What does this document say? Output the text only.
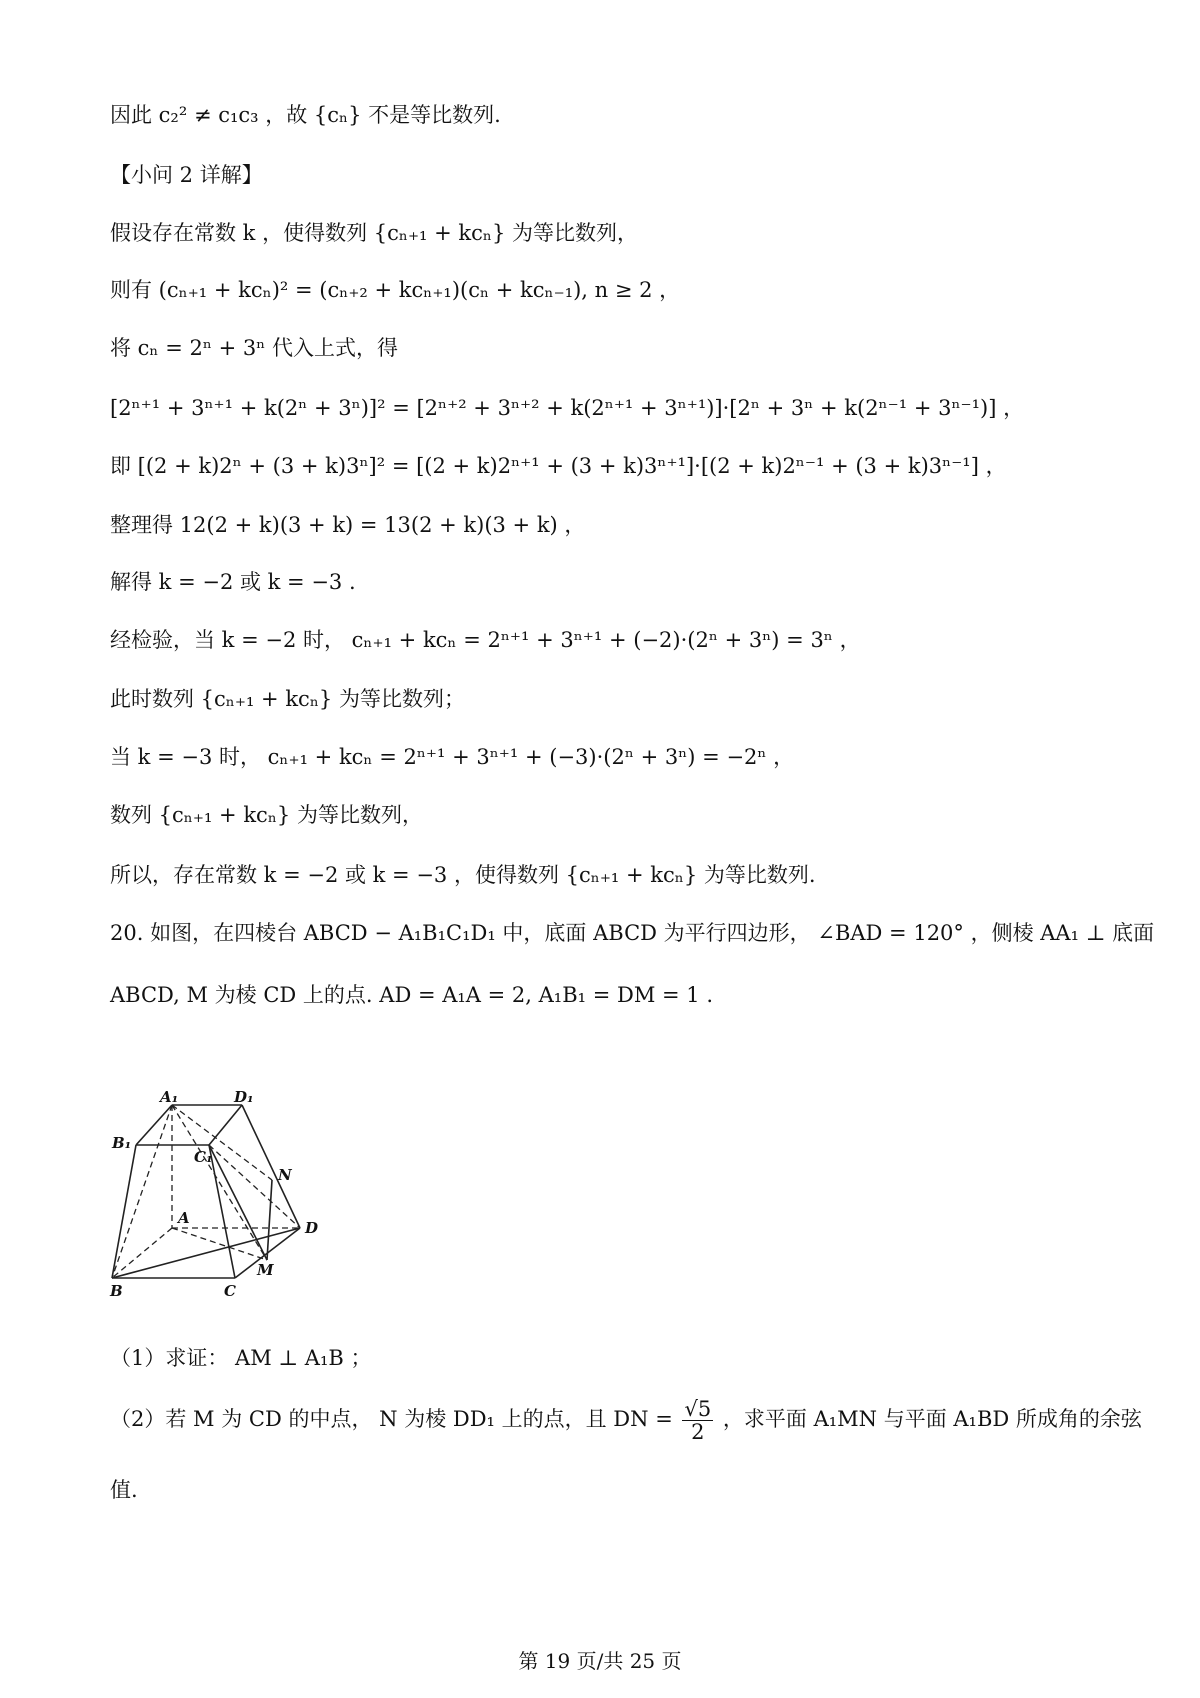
因此 c₂² ≠ c₁c₃ ，故 {cₙ} 不是等比数列.
【小问 2 详解】
假设存在常数 k ，使得数列 {cₙ₊₁ + kcₙ} 为等比数列，
则有 (cₙ₊₁ + kcₙ)² = (cₙ₊₂ + kcₙ₊₁)(cₙ + kcₙ₋₁), n ≥ 2 ，
将 cₙ = 2ⁿ + 3ⁿ 代入上式，得
[2ⁿ⁺¹ + 3ⁿ⁺¹ + k(2ⁿ + 3ⁿ)]² = [2ⁿ⁺² + 3ⁿ⁺² + k(2ⁿ⁺¹ + 3ⁿ⁺¹)]·[2ⁿ + 3ⁿ + k(2ⁿ⁻¹ + 3ⁿ⁻¹)] ，
即 [(2 + k)2ⁿ + (3 + k)3ⁿ]² = [(2 + k)2ⁿ⁺¹ + (3 + k)3ⁿ⁺¹]·[(2 + k)2ⁿ⁻¹ + (3 + k)3ⁿ⁻¹] ，
整理得 12(2 + k)(3 + k) = 13(2 + k)(3 + k) ，
解得 k = −2 或 k = −3 .
经检验，当 k = −2 时， cₙ₊₁ + kcₙ = 2ⁿ⁺¹ + 3ⁿ⁺¹ + (−2)·(2ⁿ + 3ⁿ) = 3ⁿ ，
此时数列 {cₙ₊₁ + kcₙ} 为等比数列；
当 k = −3 时， cₙ₊₁ + kcₙ = 2ⁿ⁺¹ + 3ⁿ⁺¹ + (−3)·(2ⁿ + 3ⁿ) = −2ⁿ ，
数列 {cₙ₊₁ + kcₙ} 为等比数列，
所以，存在常数 k = −2 或 k = −3 ，使得数列 {cₙ₊₁ + kcₙ} 为等比数列.
20. 如图，在四棱台 ABCD − A₁B₁C₁D₁ 中，底面 ABCD 为平行四边形， ∠BAD = 120° ，侧棱 AA₁ ⊥ 底面
ABCD, M 为棱 CD 上的点. AD = A₁A = 2, A₁B₁ = DM = 1 .
A₁	D₁
B₁
C₁
N
A
D
M
B	C
（1）求证： AM ⊥ A₁B ；
（2）若 M 为 CD 的中点， N 为棱 DD₁ 上的点，且 DN = $\frac{√5}{2}$ ，求平面 A₁MN 与平面 A₁BD 所成角的余弦
值.
第 19 页/共 25 页
